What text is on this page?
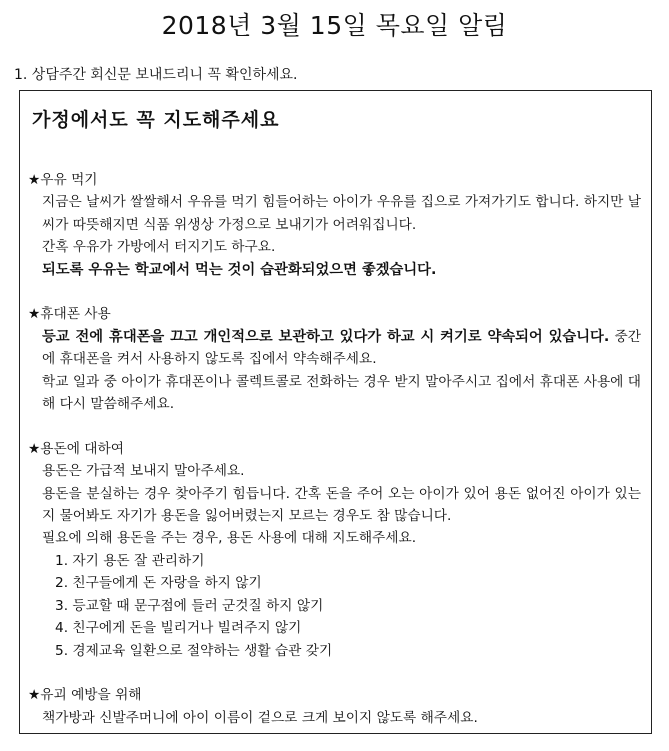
2018년 3월 15일 목요일 알림
1. 상담주간 회신문 보내드리니 꼭 확인하세요.
가정에서도 꼭 지도해주세요
★우유 먹기
지금은 날씨가 쌀쌀해서 우유를 먹기 힘들어하는 아이가 우유를 집으로 가져가기도 합니다. 하지만 날씨가 따뜻해지면 식품 위생상 가정으로 보내기가 어려워집니다.
간혹 우유가 가방에서 터지기도 하구요.
되도록 우유는 학교에서 먹는 것이 습관화되었으면 좋겠습니다.
★휴대폰 사용
등교 전에 휴대폰을 끄고 개인적으로 보관하고 있다가 하교 시 켜기로 약속되어 있습니다. 중간에 휴대폰을 켜서 사용하지 않도록 집에서 약속해주세요.
학교 일과 중 아이가 휴대폰이나 콜렉트콜로 전화하는 경우 받지 말아주시고 집에서 휴대폰 사용에 대해 다시 말씀해주세요.
★용돈에 대하여
용돈은 가급적 보내지 말아주세요.
용돈을 분실하는 경우 찾아주기 힘듭니다. 간혹 돈을 주어 오는 아이가 있어 용돈 없어진 아이가 있는지 물어봐도 자기가 용돈을 잃어버렸는지 모르는 경우도 참 많습니다.
필요에 의해 용돈을 주는 경우, 용돈 사용에 대해 지도해주세요.
1. 자기 용돈 잘 관리하기
2. 친구들에게 돈 자랑을 하지 않기
3. 등교할 때 문구점에 들러 군것질 하지 않기
4. 친구에게 돈을 빌리거나 빌려주지 않기
5. 경제교육 일환으로 절약하는 생활 습관 갖기
★유괴 예방을 위해
책가방과 신발주머니에 아이 이름이 겉으로 크게 보이지 않도록 해주세요.
